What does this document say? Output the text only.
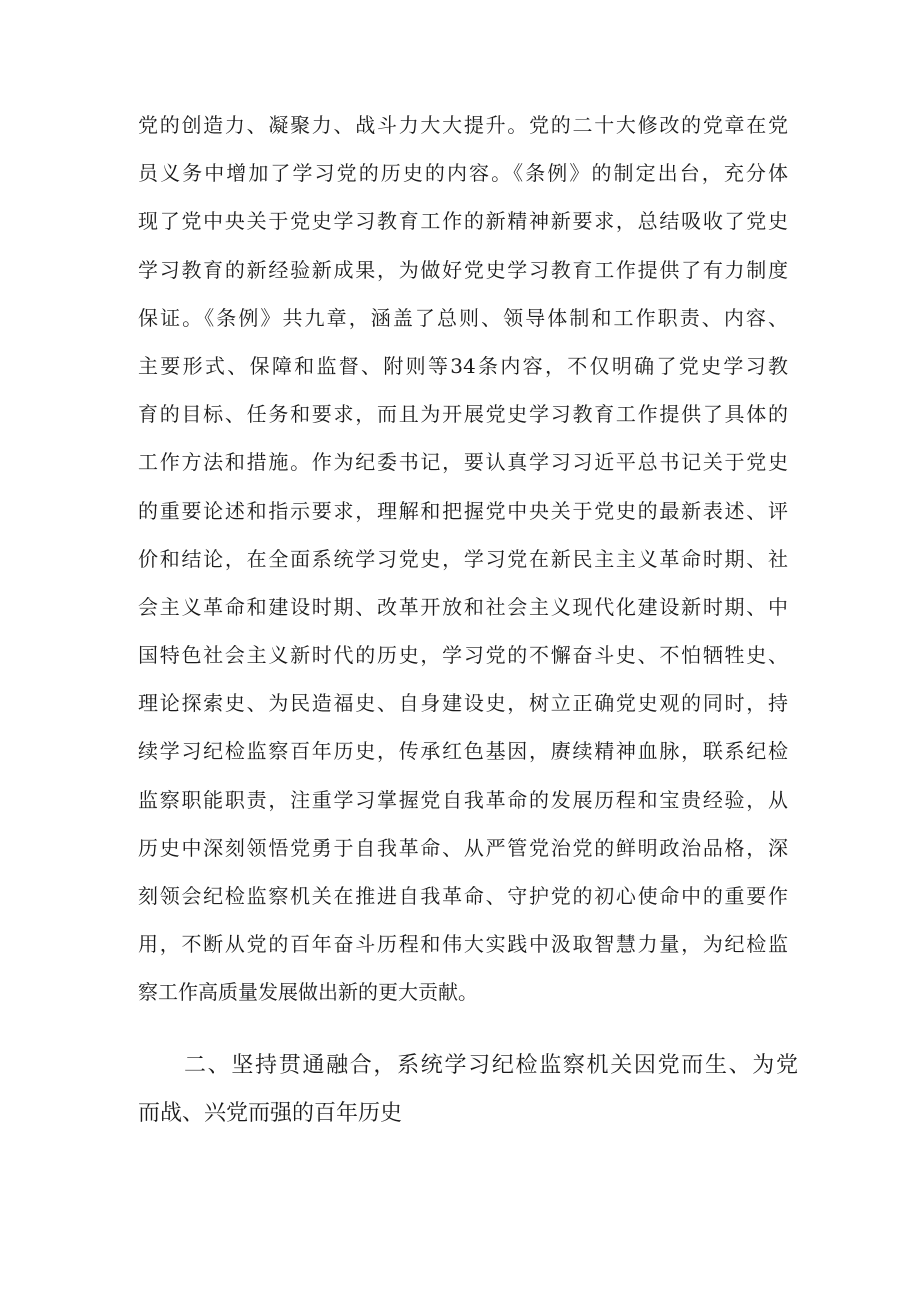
党的创造力、凝聚力、战斗力大大提升。党的二十大修改的党章在党
员义务中增加了学习党的历史的内容。《条例》的制定出台，充分体
现了党中央关于党史学习教育工作的新精神新要求，总结吸收了党史
学习教育的新经验新成果，为做好党史学习教育工作提供了有力制度
保证。《条例》共九章，涵盖了总则、领导体制和工作职责、内容、
主要形式、保障和监督、附则等34条内容，不仅明确了党史学习教
育的目标、任务和要求，而且为开展党史学习教育工作提供了具体的
工作方法和措施。作为纪委书记，要认真学习习近平总书记关于党史
的重要论述和指示要求，理解和把握党中央关于党史的最新表述、评
价和结论，在全面系统学习党史，学习党在新民主主义革命时期、社
会主义革命和建设时期、改革开放和社会主义现代化建设新时期、中
国特色社会主义新时代的历史，学习党的不懈奋斗史、不怕牺牲史、
理论探索史、为民造福史、自身建设史，树立正确党史观的同时，持
续学习纪检监察百年历史，传承红色基因，赓续精神血脉，联系纪检
监察职能职责，注重学习掌握党自我革命的发展历程和宝贵经验，从
历史中深刻领悟党勇于自我革命、从严管党治党的鲜明政治品格，深
刻领会纪检监察机关在推进自我革命、守护党的初心使命中的重要作
用，不断从党的百年奋斗历程和伟大实践中汲取智慧力量，为纪检监
察工作高质量发展做出新的更大贡献。
二、坚持贯通融合，系统学习纪检监察机关因党而生、为党
而战、兴党而强的百年历史
